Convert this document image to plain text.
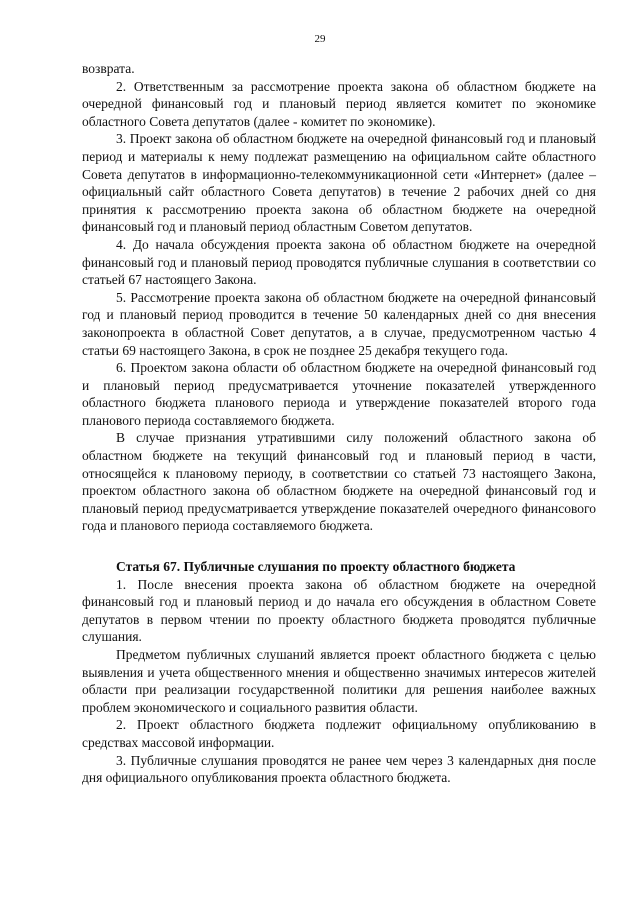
29

возврата.

2. Ответственным за рассмотрение проекта закона об областном бюджете на очередной финансовый год и плановый период является комитет по экономике областного Совета депутатов (далее - комитет по экономике).

3. Проект закона об областном бюджете на очередной финансовый год и плановый период и материалы к нему подлежат размещению на официальном сайте областного Совета депутатов в информационно-телекоммуникационной сети «Интернет» (далее – официальный сайт областного Совета депутатов) в течение 2 рабочих дней со дня принятия к рассмотрению проекта закона об областном бюджете на очередной финансовый год и плановый период областным Советом депутатов.

4. До начала обсуждения проекта закона об областном бюджете на очередной финансовый год и плановый период проводятся публичные слушания в соответствии со статьей 67 настоящего Закона.

5. Рассмотрение проекта закона об областном бюджете на очередной финансовый год и плановый период проводится в течение 50 календарных дней со дня внесения законопроекта в областной Совет депутатов, а в случае, предусмотренном частью 4 статьи 69 настоящего Закона, в срок не позднее 25 декабря текущего года.

6. Проектом закона области об областном бюджете на очередной финансовый год и плановый период предусматривается уточнение показателей утвержденного областного бюджета планового периода и утверждение показателей второго года планового периода составляемого бюджета.

В случае признания утратившими силу положений областного закона об областном бюджете на текущий финансовый год и плановый период в части, относящейся к плановому периоду, в соответствии со статьей 73 настоящего Закона, проектом областного закона об областном бюджете на очередной финансовый год и плановый период предусматривается утверждение показателей очередного финансового года и планового периода составляемого бюджета.

Статья 67. Публичные слушания по проекту областного бюджета

1. После внесения проекта закона об областном бюджете на очередной финансовый год и плановый период и до начала его обсуждения в областном Совете депутатов в первом чтении по проекту областного бюджета проводятся публичные слушания.

Предметом публичных слушаний является проект областного бюджета с целью выявления и учета общественного мнения и общественно значимых интересов жителей области при реализации государственной политики для решения наиболее важных проблем экономического и социального развития области.

2. Проект областного бюджета подлежит официальному опубликованию в средствах массовой информации.

3. Публичные слушания проводятся не ранее чем через 3 календарных дня после дня официального опубликования проекта областного бюджета.
